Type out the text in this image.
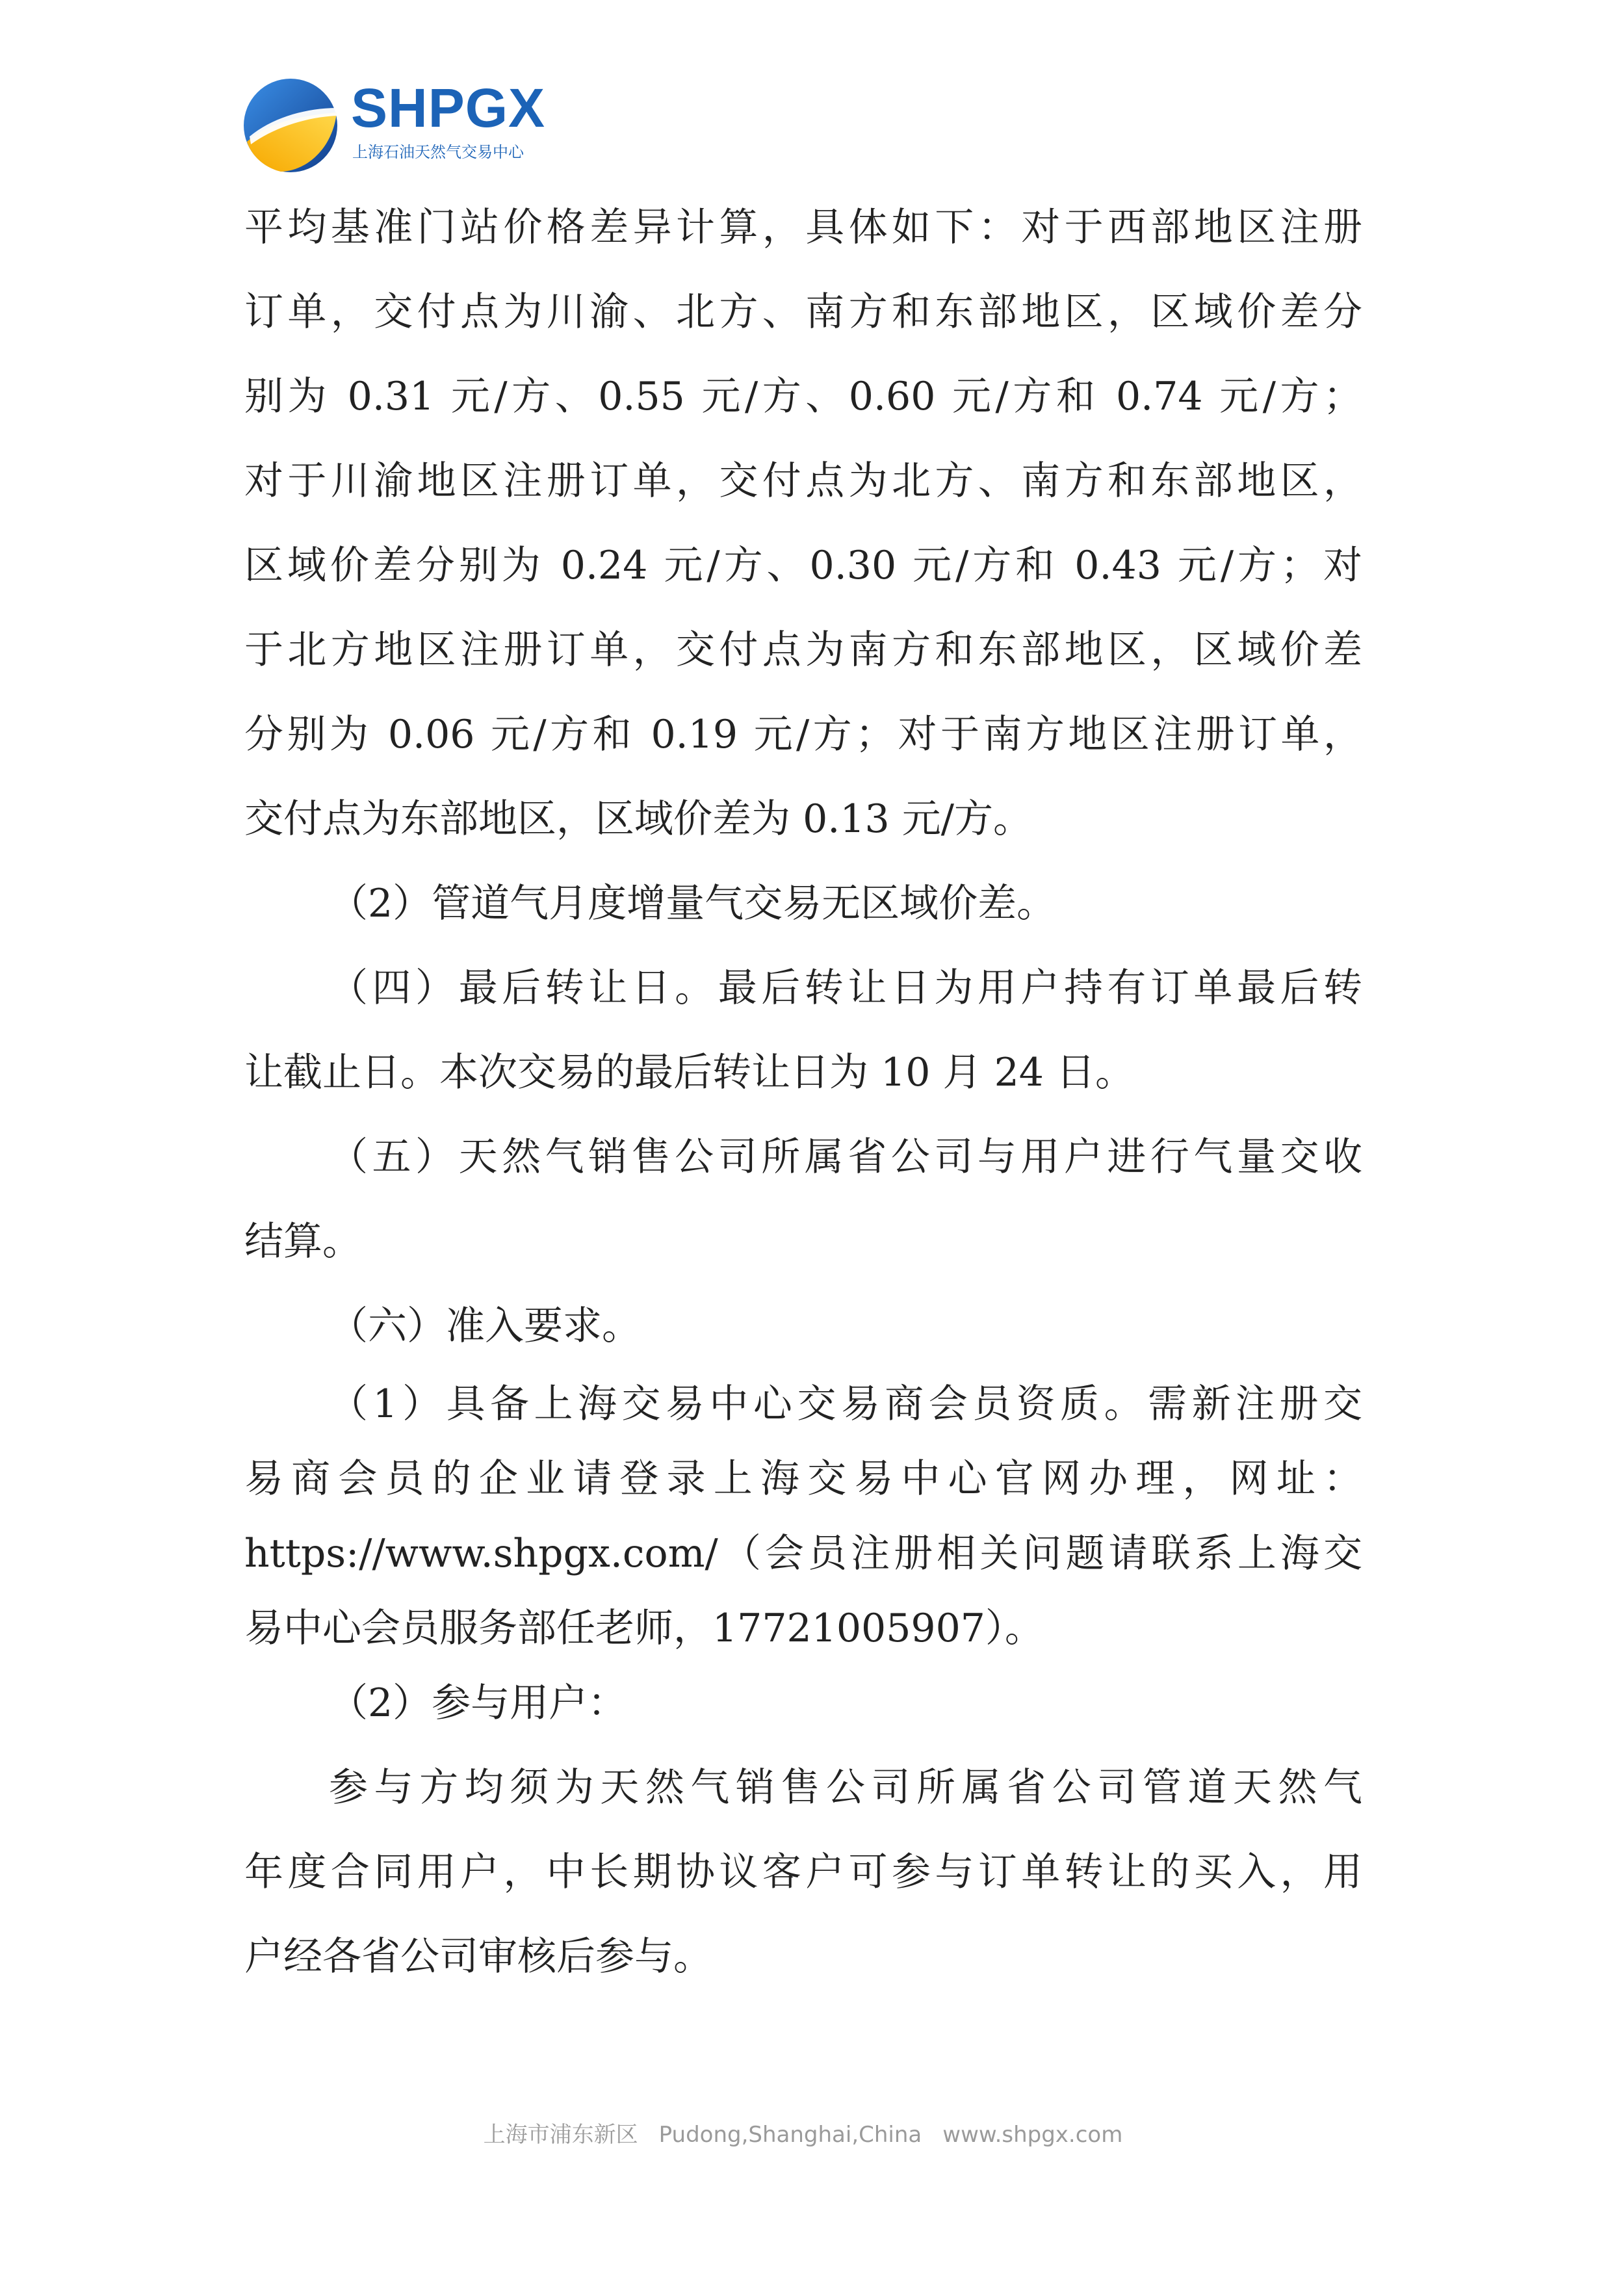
SHPGX
上海石油天然气交易中心
平均基准门站价格差异计算，具体如下：对于西部地区注册
订单，交付点为川渝、北方、南方和东部地区，区域价差分
别为 0.31 元/方、0.55 元/方、0.60 元/方和 0.74 元/方；
对于川渝地区注册订单，交付点为北方、南方和东部地区，
区域价差分别为 0.24 元/方、0.30 元/方和 0.43 元/方；对
于北方地区注册订单，交付点为南方和东部地区，区域价差
分别为 0.06 元/方和 0.19 元/方；对于南方地区注册订单，
交付点为东部地区，区域价差为 0.13 元/方。
（2）管道气月度增量气交易无区域价差。
（四）最后转让日。最后转让日为用户持有订单最后转
让截止日。本次交易的最后转让日为 10 月 24 日。
（五）天然气销售公司所属省公司与用户进行气量交收
结算。
（六）准入要求。
（1）具备上海交易中心交易商会员资质。需新注册交
易商会员的企业请登录上海交易中心官网办理，网址：
https://www.shpgx.com/（会员注册相关问题请联系上海交
易中心会员服务部任老师，17721005907）。
（2）参与用户：
参与方均须为天然气销售公司所属省公司管道天然气
年度合同用户，中长期协议客户可参与订单转让的买入，用
户经各省公司审核后参与。
上海市浦东新区 Pudong,Shanghai,China www.shpgx.com
